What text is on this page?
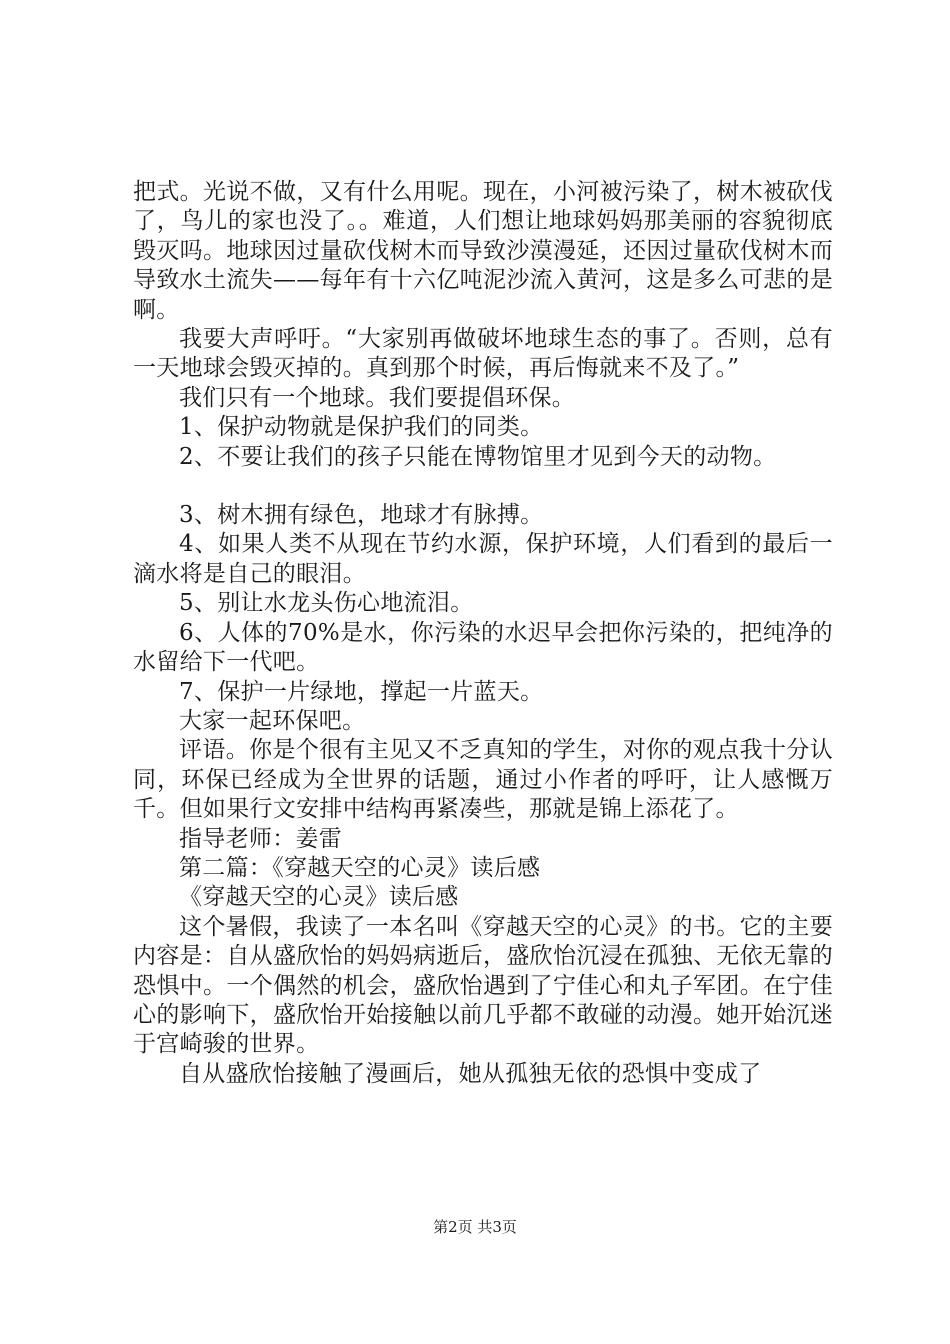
把式。光说不做，又有什么用呢。现在，小河被污染了，树木被砍伐了，鸟儿的家也没了。。难道，人们想让地球妈妈那美丽的容貌彻底毁灭吗。地球因过量砍伐树木而导致沙漠漫延，还因过量砍伐树木而导致水土流失——每年有十六亿吨泥沙流入黄河，这是多么可悲的是啊。

我要大声呼吁。“大家别再做破坏地球生态的事了。否则，总有一天地球会毁灭掉的。真到那个时候，再后悔就来不及了。”

我们只有一个地球。我们要提倡环保。

1、保护动物就是保护我们的同类。

2、不要让我们的孩子只能在博物馆里才见到今天的动物。

3、树木拥有绿色，地球才有脉搏。

4、如果人类不从现在节约水源，保护环境，人们看到的最后一滴水将是自己的眼泪。

5、别让水龙头伤心地流泪。

6、人体的70%是水，你污染的水迟早会把你污染的，把纯净的水留给下一代吧。

7、保护一片绿地，撑起一片蓝天。

大家一起环保吧。

评语。你是个很有主见又不乏真知的学生，对你的观点我十分认同，环保已经成为全世界的话题，通过小作者的呼吁，让人感慨万千。但如果行文安排中结构再紧凑些，那就是锦上添花了。

指导老师：姜雷

第二篇：《穿越天空的心灵》读后感

《穿越天空的心灵》读后感

这个暑假，我读了一本名叫《穿越天空的心灵》的书。它的主要内容是：自从盛欣怡的妈妈病逝后，盛欣怡沉浸在孤独、无依无靠的恐惧中。一个偶然的机会，盛欣怡遇到了宁佳心和丸子军团。在宁佳心的影响下，盛欣怡开始接触以前几乎都不敢碰的动漫。她开始沉迷于宫崎骏的世界。

自从盛欣怡接触了漫画后，她从孤独无依的恐惧中变成了

第2页 共3页
